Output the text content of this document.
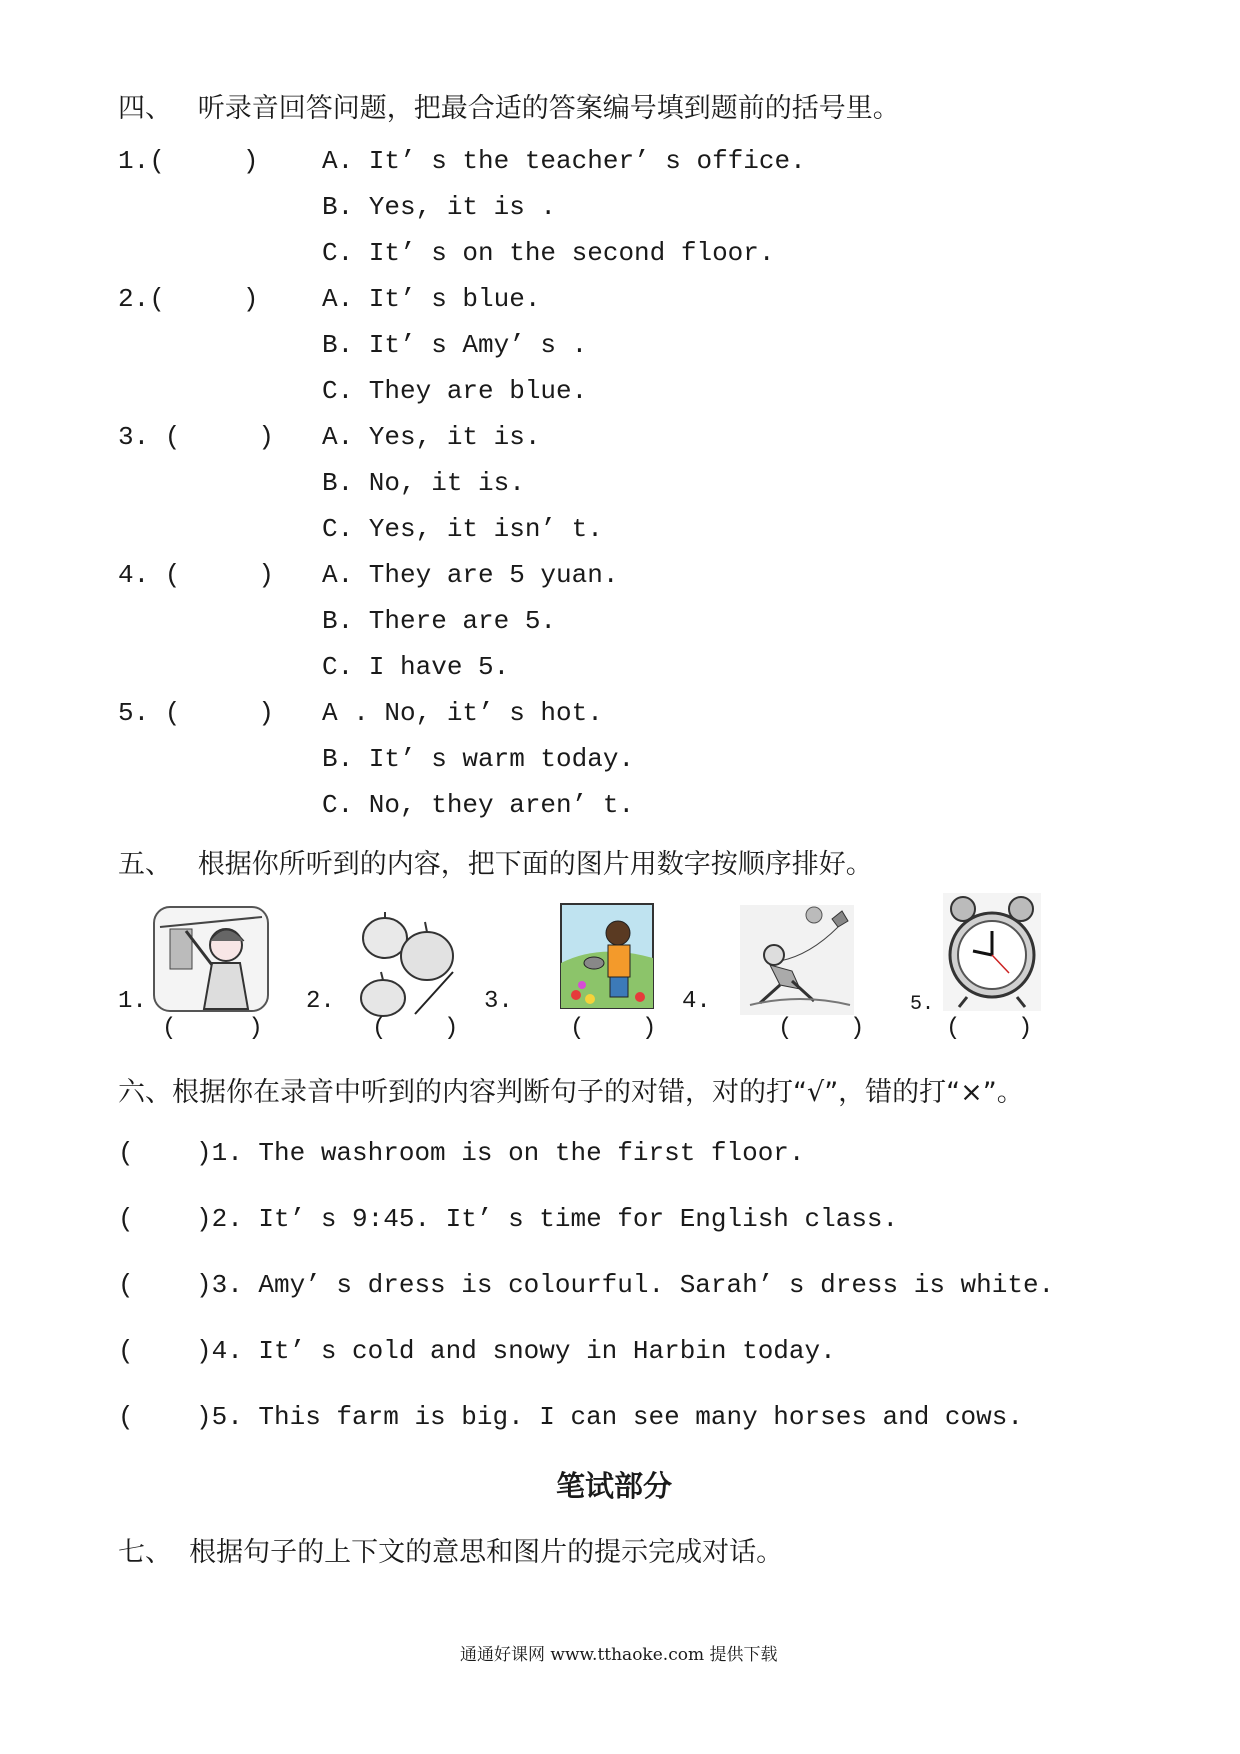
四、   听录音回答问题，把最合适的答案编号填到题前的括号里。
1.(     ) A. It’ s the teacher’ s office.
B. Yes, it is .
C. It’ s on the second floor.
2.(     ) A. It’ s blue.
B. It’ s Amy’ s .
C. They are blue.
3. (     ) A. Yes, it is.
B. No, it is.
C. Yes, it isn’ t.
4. (     ) A. They are 5 yuan.
B. There are 5.
C. I have 5.
5. (     ) A . No, it’ s hot.
B. It’ s warm today.
C. No, they aren’ t.
五、   根据你所听到的内容，把下面的图片用数字按顺序排好。
1.
(     )
2.
(    )
3.
(    )
4.
(    )
5.
(    )
六、根据你在录音中听到的内容判断句子的对错，对的打“√”，错的打“×”。
(    )1. The washroom is on the first floor.
(    )2. It’ s 9:45. It’ s time for English class.
(    )3. Amy’ s dress is colourful. Sarah’ s dress is white.
(    )4. It’ s cold and snowy in Harbin today.
(    )5. This farm is big. I can see many horses and cows.
笔试部分
七、  根据句子的上下文的意思和图片的提示完成对话。
通通好课网 www.tthaoke.com 提供下载
